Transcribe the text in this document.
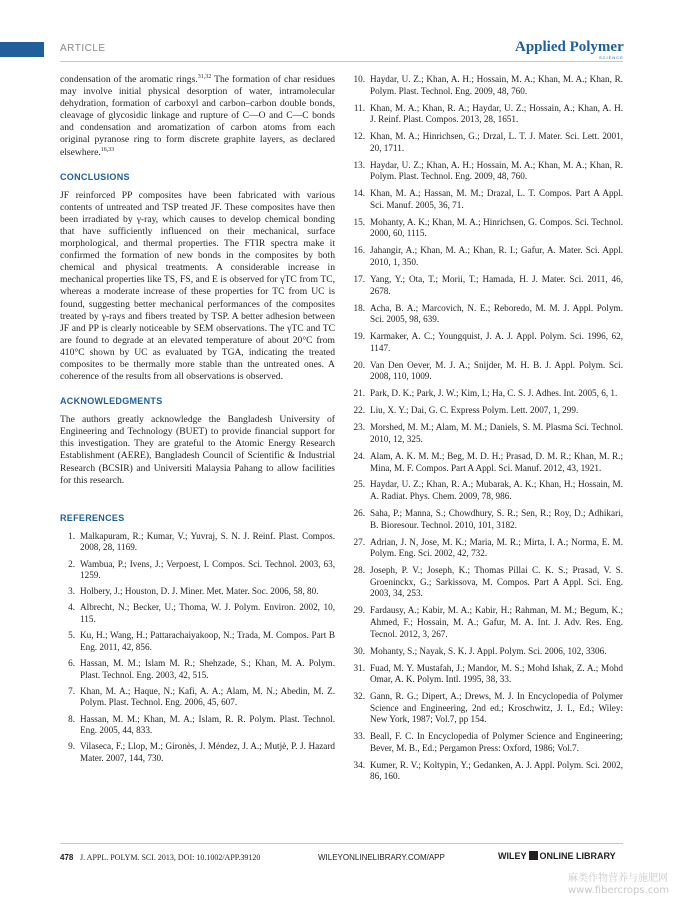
ARTICLE	Applied Polymer
SCIENCE

condensation of the aromatic rings.$^{31,32}$ The formation of char residues may involve initial physical desorption of water, intramolecular dehydration, formation of carboxyl and carbon–carbon double bonds, cleavage of glycosidic linkage and rupture of C—O and C—C bonds and condensation and aromatization of carbon atoms from each original pyranose ring to form discrete graphite layers, as declared elsewhere.$^{16,33}$

CONCLUSIONS

JF reinforced PP composites have been fabricated with various contents of untreated and TSP treated JF. These composites have then been irradiated by γ-ray, which causes to develop chemical bonding that have sufficiently influenced on their mechanical, surface morphological, and thermal properties. The FTIR spectra make it confirmed the formation of new bonds in the composites by both chemical and physical treatments. A considerable increase in mechanical properties like TS, FS, and E is observed for γTC from TC, whereas a moderate increase of these properties for TC from UC is found, suggesting better mechanical performances of the composites treated by γ-rays and fibers treated by TSP. A better adhesion between JF and PP is clearly noticeable by SEM observations. The γTC and TC are found to degrade at an elevated temperature of about 20°C from 410°C shown by UC as evaluated by TGA, indicating the treated composites to be thermally more stable than the untreated ones. A coherence of the results from all observations is observed.

ACKNOWLEDGMENTS

The authors greatly acknowledge the Bangladesh University of Engineering and Technology (BUET) to provide financial support for this investigation. They are grateful to the Atomic Energy Research Establishment (AERE), Bangladesh Council of Scientific & Industrial Research (BCSIR) and Universiti Malaysia Pahang to allow facilities for this research.

REFERENCES
1. Malkapuram, R.; Kumar, V.; Yuvraj, S. N. J. Reinf. Plast. Compos. 2008, 28, 1169.
2. Wambua, P.; Ivens, J.; Verpoest, I. Compos. Sci. Technol. 2003, 63, 1259.
3. Holbery, J.; Houston, D. J. Miner. Met. Mater. Soc. 2006, 58, 80.
4. Albrecht, N.; Becker, U.; Thoma, W. J. Polym. Environ. 2002, 10, 115.
5. Ku, H.; Wang, H.; Pattarachaiyakoop, N.; Trada, M. Compos. Part B Eng. 2011, 42, 856.
6. Hassan, M. M.; Islam M. R.; Shehzade, S.; Khan, M. A. Polym. Plast. Technol. Eng. 2003, 42, 515.
7. Khan, M. A.; Haque, N.; Kafi, A. A.; Alam, M. N.; Abedin, M. Z. Polym. Plast. Technol. Eng. 2006, 45, 607.
8. Hassan, M. M.; Khan, M. A.; Islam, R. R. Polym. Plast. Technol. Eng. 2005, 44, 833.
9. Vilaseca, F.; Llop, M.; Gironès, J. Méndez, J. A.; Mutjè, P. J. Hazard Mater. 2007, 144, 730.
10. Haydar, U. Z.; Khan, A. H.; Hossain, M. A.; Khan, M. A.; Khan, R. Polym. Plast. Technol. Eng. 2009, 48, 760.
11. Khan, M. A.; Khan, R. A.; Haydar, U. Z.; Hossain, A.; Khan, A. H. J. Reinf. Plast. Compos. 2013, 28, 1651.
12. Khan, M. A.; Hinrichsen, G.; Drzal, L. T. J. Mater. Sci. Lett. 2001, 20, 1711.
13. Haydar, U. Z.; Khan, A. H.; Hossain, M. A.; Khan, M. A.; Khan, R. Polym. Plast. Technol. Eng. 2009, 48, 760.
14. Khan, M. A.; Hassan, M. M.; Drazal, L. T. Compos. Part A Appl. Sci. Manuf. 2005, 36, 71.
15. Mohanty, A. K.; Khan, M. A.; Hinrichsen, G. Compos. Sci. Technol. 2000, 60, 1115.
16. Jahangir, A.; Khan, M. A.; Khan, R. I.; Gafur, A. Mater. Sci. Appl. 2010, 1, 350.
17. Yang, Y.; Ota, T.; Morii, T.; Hamada, H. J. Mater. Sci. 2011, 46, 2678.
18. Acha, B. A.; Marcovich, N. E.; Reboredo, M. M. J. Appl. Polym. Sci. 2005, 98, 639.
19. Karmaker, A. C.; Youngquist, J. A. J. Appl. Polym. Sci. 1996, 62, 1147.
20. Van Den Oever, M. J. A.; Snijder, M. H. B. J. Appl. Polym. Sci. 2008, 110, 1009.
21. Park, D. K.; Park, J. W.; Kim, I.; Ha, C. S. J. Adhes. Int. 2005, 6, 1.
22. Liu, X. Y.; Dai, G. C. Express Polym. Lett. 2007, 1, 299.
23. Morshed, M. M.; Alam, M. M.; Daniels, S. M. Plasma Sci. Technol. 2010, 12, 325.
24. Alam, A. K. M. M.; Beg, M. D. H.; Prasad, D. M. R.; Khan, M. R.; Mina, M. F. Compos. Part A Appl. Sci. Manuf. 2012, 43, 1921.
25. Haydar, U. Z.; Khan, R. A.; Mubarak, A. K.; Khan, H.; Hossain, M. A. Radiat. Phys. Chem. 2009, 78, 986.
26. Saha, P.; Manna, S.; Chowdhury, S. R.; Sen, R.; Roy, D.; Adhikari, B. Bioresour. Technol. 2010, 101, 3182.
27. Adrian, J. N, Jose, M. K.; Maria, M. R.; Mirta, I. A.; Norma, E. M. Polym. Eng. Sci. 2002, 42, 732.
28. Joseph, P. V.; Joseph, K.; Thomas Pillai C. K. S.; Prasad, V. S. Groeninckx, G.; Sarkissova, M. Compos. Part A Appl. Sci. Eng. 2003, 34, 253.
29. Fardausy, A.; Kabir, M. A.; Kabir, H.; Rahman, M. M.; Begum, K.; Ahmed, F.; Hossain, M. A.; Gafur, M. A. Int. J. Adv. Res. Eng. Tecnol. 2012, 3, 267.
30. Mohanty, S.; Nayak, S. K. J. Appl. Polym. Sci. 2006, 102, 3306.
31. Fuad, M. Y. Mustafah, J.; Mandor, M. S.; Mohd Ishak, Z. A.; Mohd Omar, A. K. Polym. Intl. 1995, 38, 33.
32. Gann, R. G.; Dipert, A.; Drews, M. J. In Encyclopedia of Polymer Science and Engineering, 2nd ed.; Kroschwitz, J. I., Ed.; Wiley: New York, 1987; Vol.7, pp 154.
33. Beall, F. C. In Encyclopedia of Polymer Science and Engineering; Bever, M. B., Ed.; Pergamon Press: Oxford, 1986; Vol.7.
34. Kumer, R. V.; Koltypin, Y.; Gedanken, A. J. Appl. Polym. Sci. 2002, 86, 160.
478 J. APPL. POLYM. SCI. 2013, DOI: 10.1002/APP.39120	WILEYONLINELIBRARY.COM/APP	WILEY ONLINE LIBRARY
麻类作物营养与施肥网
www.fibercrops.com
